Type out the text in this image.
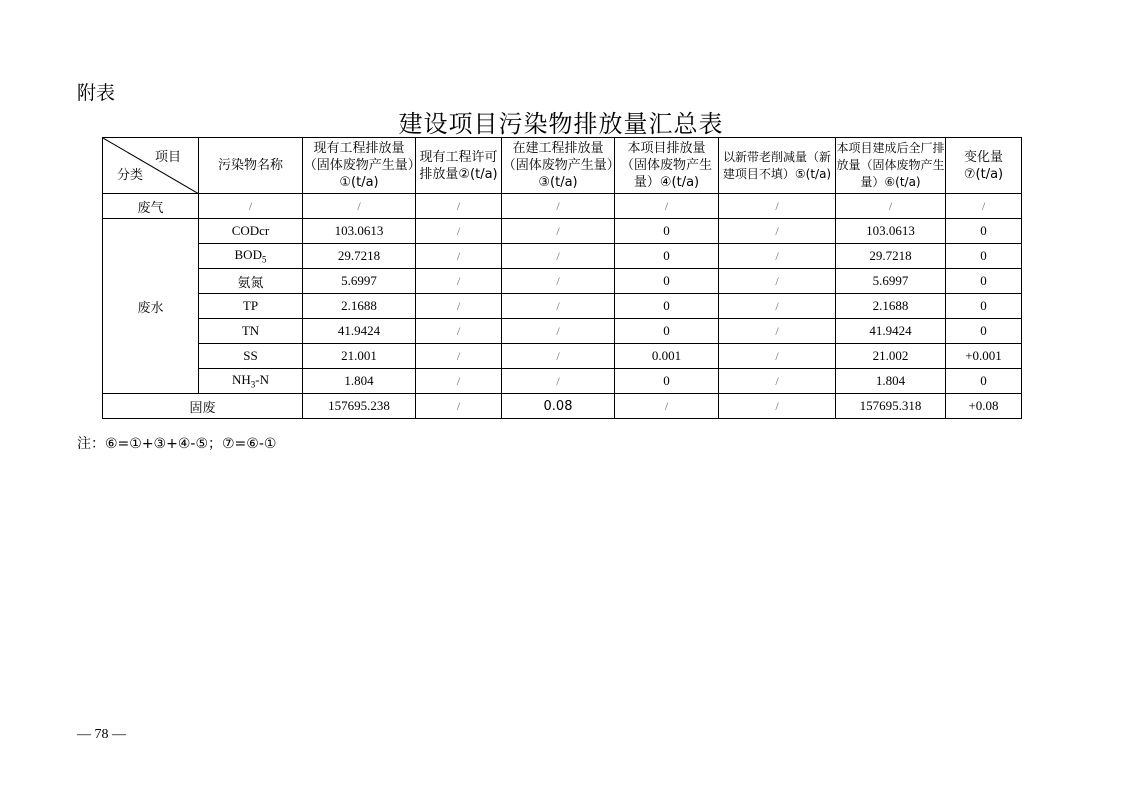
附表
建设项目污染物排放量汇总表
项目
分类	污染物名称	现有工程排放量（固体废物产生量）①(t/a)	现有工程许可排放量②(t/a)	在建工程排放量（固体废物产生量）③(t/a)	本项目排放量（固体废物产生量）④(t/a)	以新带老削减量（新建项目不填）⑤(t/a)	本项目建成后全厂排放量（固体废物产生量）⑥(t/a)	变化量⑦(t/a)
废气	/	/	/	/	/	/	/	/
废水	CODcr	103.0613	/	/	0	/	103.0613	0
	$BOD_5$	29.7218	/	/	0	/	29.7218	0
	氨氮	5.6997	/	/	0	/	5.6997	0
	TP	2.1688	/	/	0	/	2.1688	0
	TN	41.9424	/	/	0	/	41.9424	0
	SS	21.001	/	/	0.001	/	21.002	+0.001
	$NH_3-N$	1.804	/	/	0	/	1.804	0
固废		157695.238	/	0.08	/	/	157695.318	+0.08
注：⑥=①+③+④-⑤；⑦=⑥-①
— 78 —
